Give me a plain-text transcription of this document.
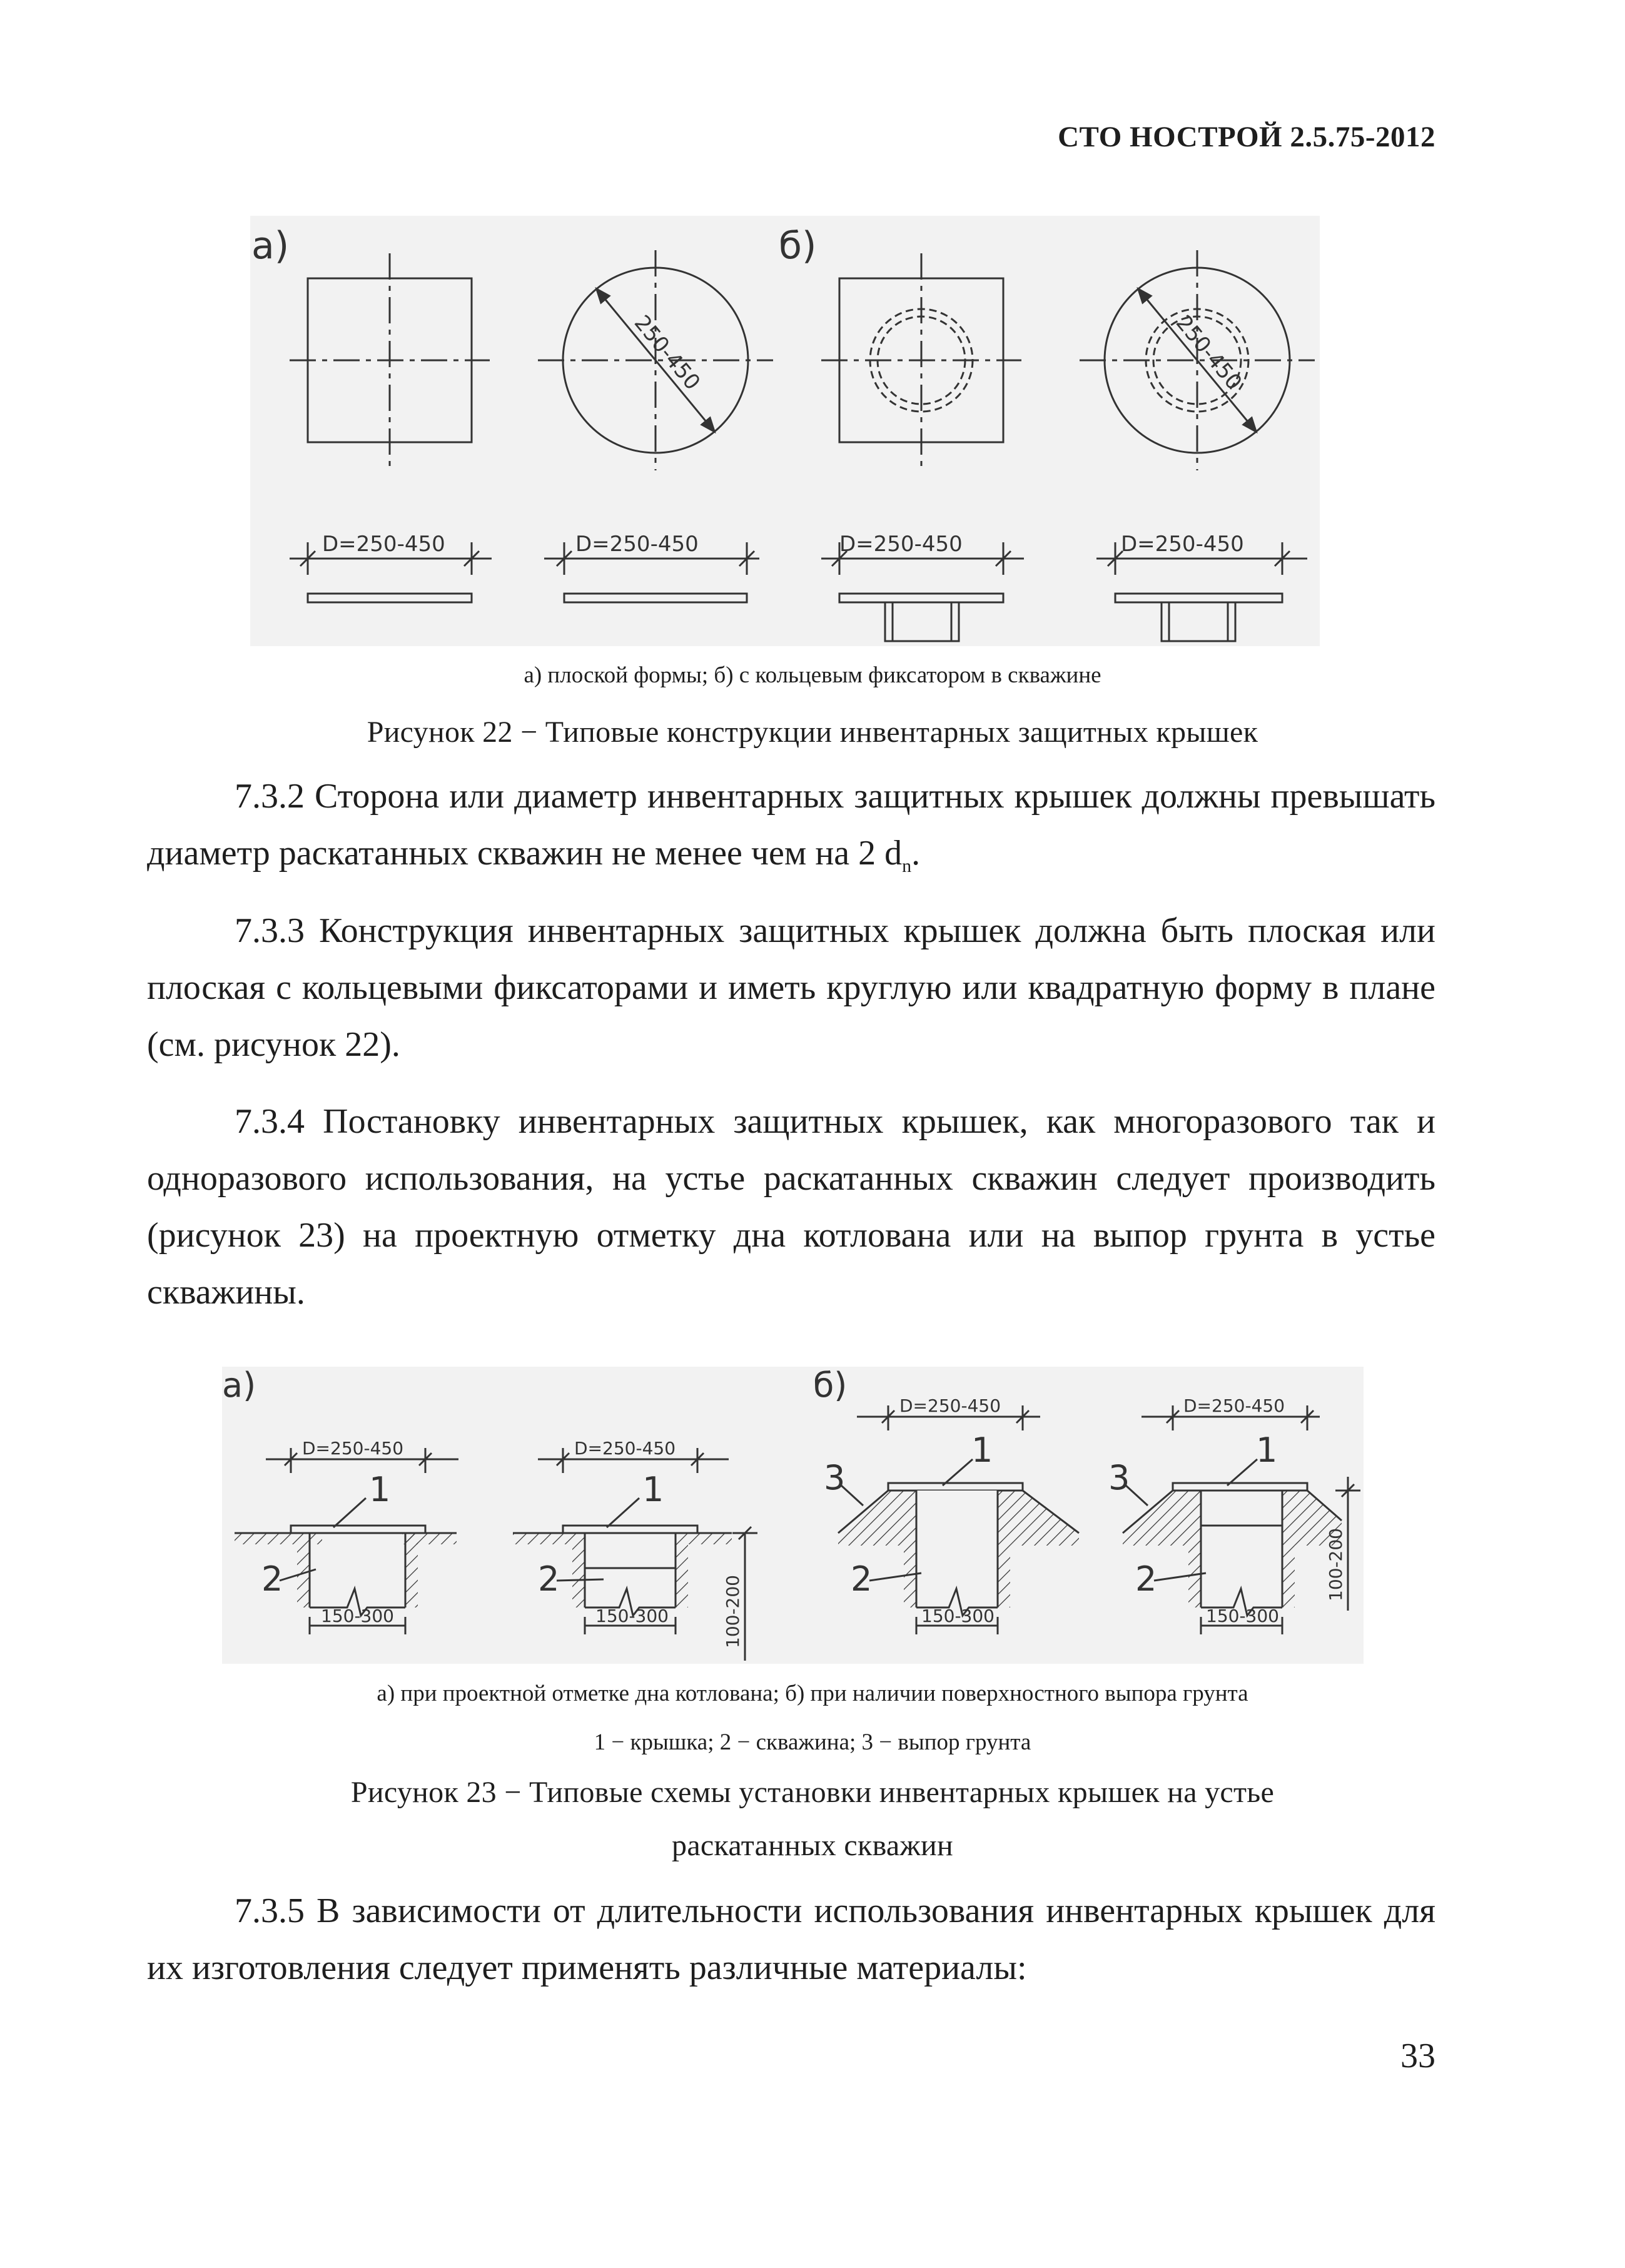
СТО НОСТРОЙ 2.5.75-2012
а)	б)
250-450	250-450
D=250-450	D=250-450	D=250-450	D=250-450
а) плоской формы; б) с кольцевым фиксатором в скважине
Рисунок 22 − Типовые конструкции инвентарных защитных крышек
7.3.2 Сторона или диаметр инвентарных защитных крышек должны превышать диаметр раскатанных скважин не менее чем на 2 $d_n$.
7.3.3 Конструкция инвентарных защитных крышек должна быть плоская или плоская с кольцевыми фиксаторами и иметь круглую или квадратную форму в плане (см. рисунок 22).
7.3.4 Постановку инвентарных защитных крышек, как многоразового так и одноразового использования, на устье раскатанных скважин следует производить (рисунок 23) на проектную отметку дна котлована или на выпор грунта в устье скважины.
а)	б)
D=250-450
150-300
1
2
D=250-450
150-300
1
2	100-200
D=250-450
150-300
1
2
3
D=250-450
150-300
1
2
3
100-200
а) при проектной отметке дна котлована; б) при наличии поверхностного выпора грунта
1 − крышка; 2 − скважина; 3 − выпор грунта
Рисунок 23 − Типовые схемы установки инвентарных крышек на устье
раскатанных скважин
7.3.5 В зависимости от длительности использования инвентарных крышек для их изготовления следует применять различные материалы:
33
